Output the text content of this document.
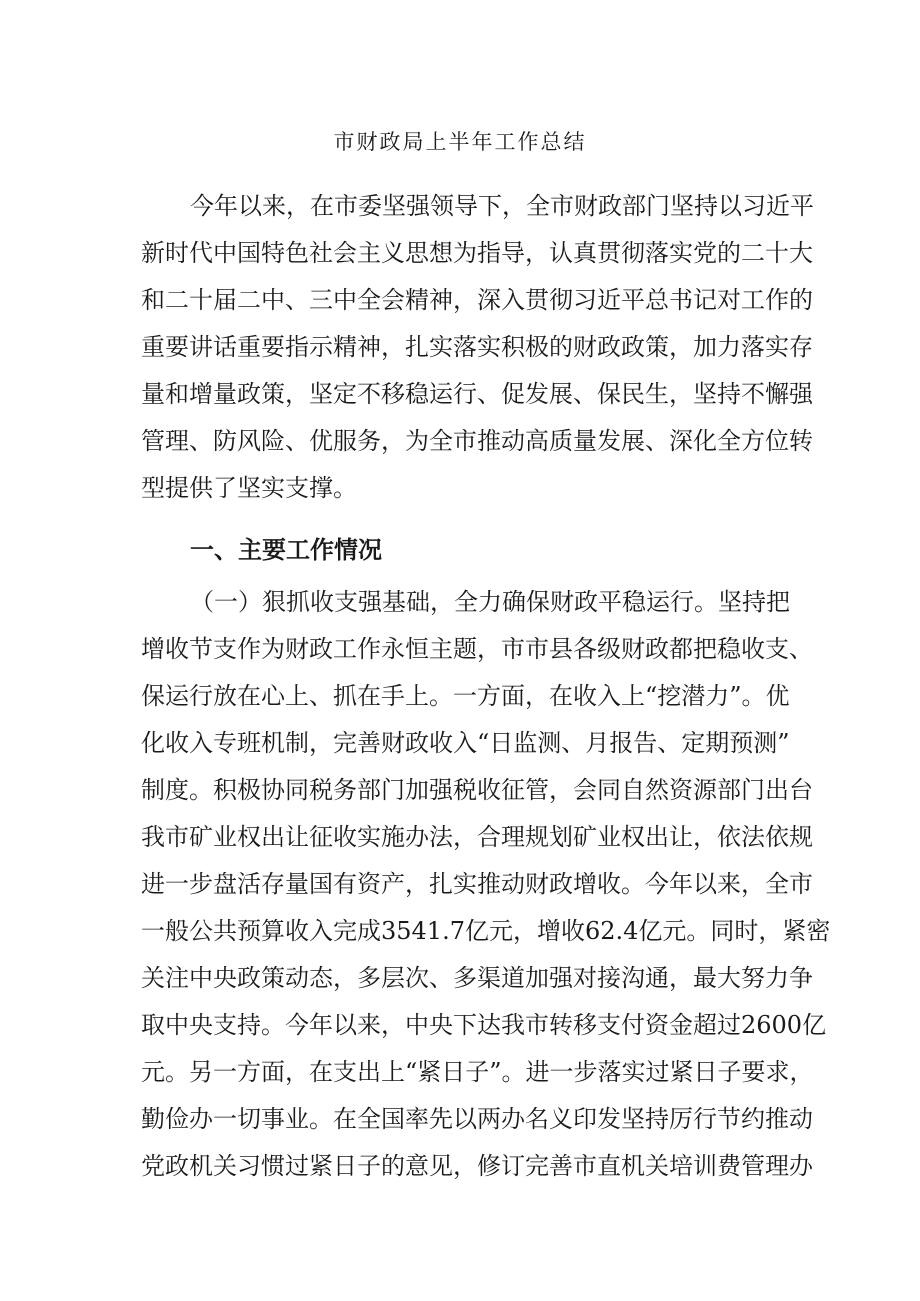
市财政局上半年工作总结
今年以来，在市委坚强领导下，全市财政部门坚持以习近平
新时代中国特色社会主义思想为指导，认真贯彻落实党的二十大
和二十届二中、三中全会精神，深入贯彻习近平总书记对工作的
重要讲话重要指示精神，扎实落实积极的财政政策，加力落实存
量和增量政策，坚定不移稳运行、促发展、保民生，坚持不懈强
管理、防风险、优服务，为全市推动高质量发展、深化全方位转
型提供了坚实支撑。
一、主要工作情况
（一）狠抓收支强基础，全力确保财政平稳运行。坚持把
增收节支作为财政工作永恒主题，市市县各级财政都把稳收支、
保运行放在心上、抓在手上。一方面，在收入上“挖潜力”。优
化收入专班机制，完善财政收入“日监测、月报告、定期预测”
制度。积极协同税务部门加强税收征管，会同自然资源部门出台
我市矿业权出让征收实施办法，合理规划矿业权出让，依法依规
进一步盘活存量国有资产，扎实推动财政增收。今年以来，全市
一般公共预算收入完成3541.7亿元，增收62.4亿元。同时，紧密
关注中央政策动态，多层次、多渠道加强对接沟通，最大努力争
取中央支持。今年以来，中央下达我市转移支付资金超过2600亿
元。另一方面，在支出上“紧日子”。进一步落实过紧日子要求，
勤俭办一切事业。在全国率先以两办名义印发坚持厉行节约推动
党政机关习惯过紧日子的意见，修订完善市直机关培训费管理办
